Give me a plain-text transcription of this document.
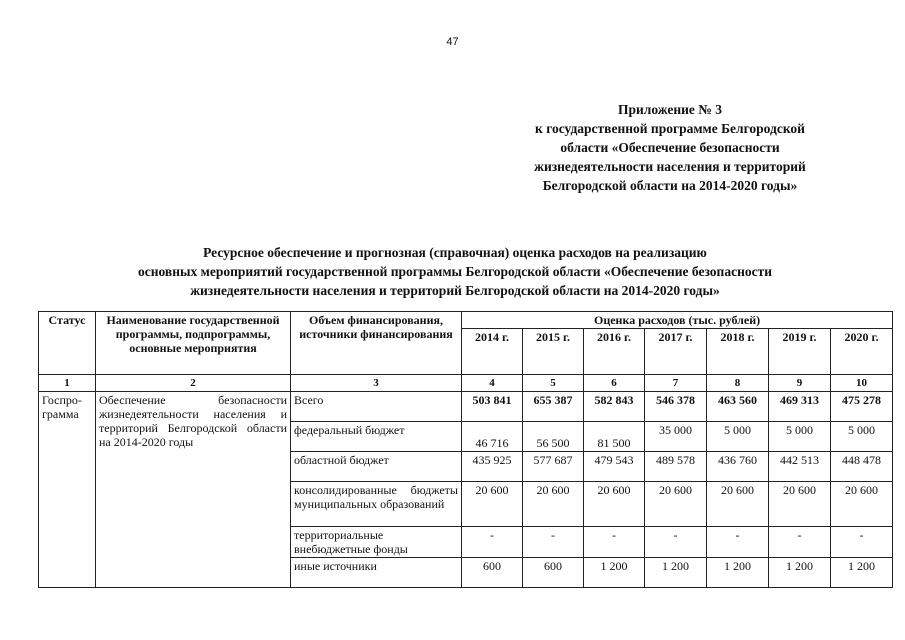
47
Приложение № 3
к государственной программе Белгородской
области «Обеспечение безопасности
жизнедеятельности населения и территорий
Белгородской области на 2014-2020 годы»
Ресурсное обеспечение и прогнозная (справочная) оценка расходов на реализацию
основных мероприятий государственной программы Белгородской области «Обеспечение безопасности
жизнедеятельности населения и территорий Белгородской области на 2014-2020 годы»
Статус	Наименование государственной программы, подпрограммы, основные мероприятия	Объем финансирования, источники финансирования	Оценка расходов (тыс. рублей)						
			2014 г.	2015 г.	2016 г.	2017 г.	2018 г.	2019 г.	2020 г.
1	2	3	4	5	6	7	8	9	10
Госпро-грамма	Обеспечение безопасности жизнедеятельности населения и территорий Белгородской области на 2014-2020 годы	Всего	503 841	655 387	582 843	546 378	463 560	469 313	475 278
		федеральный бюджет	46 716	56 500	81 500	35 000	5 000	5 000	5 000
		областной бюджет	435 925	577 687	479 543	489 578	436 760	442 513	448 478
		консолидированные бюджеты муниципальных образований	20 600	20 600	20 600	20 600	20 600	20 600	20 600
		территориальные внебюджетные фонды	-	-	-	-	-	-	-
		иные источники	600	600	1 200	1 200	1 200	1 200	1 200
